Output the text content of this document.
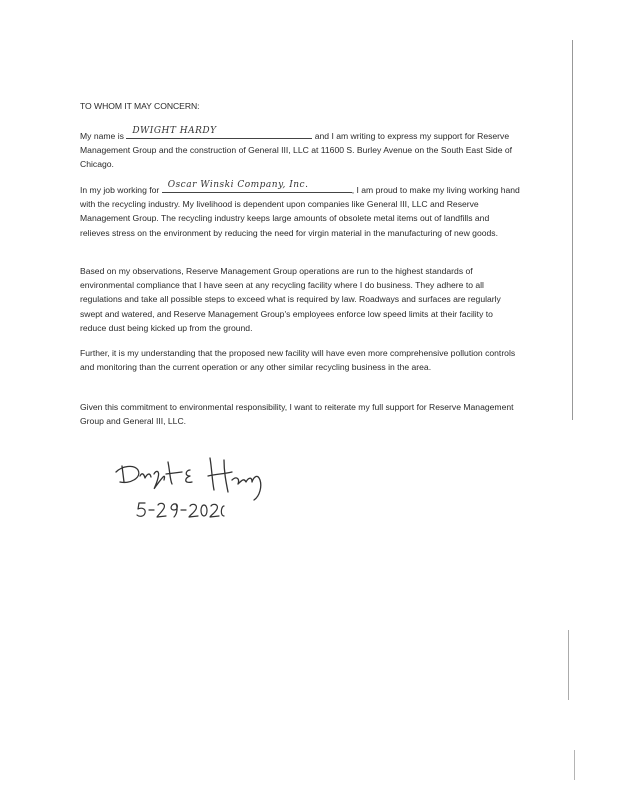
TO WHOM IT MAY CONCERN:
My name is
DWIGHT HARDY
and I am writing to express my support for Reserve Management Group and the construction of General III, LLC at 11600 S. Burley Avenue on the South East Side of Chicago.
In my job working for
Oscar Winski Company, Inc.
, I am proud to make my living working hand with the recycling industry. My livelihood is dependent upon companies like General III, LLC and Reserve Management Group. The recycling industry keeps large amounts of obsolete metal items out of landfills and relieves stress on the environment by reducing the need for virgin material in the manufacturing of new goods.
Based on my observations, Reserve Management Group operations are run to the highest standards of environmental compliance that I have seen at any recycling facility where I do business. They adhere to all regulations and take all possible steps to exceed what is required by law. Roadways and surfaces are regularly swept and watered, and Reserve Management Group's employees enforce low speed limits at their facility to reduce dust being kicked up from the ground.
Further, it is my understanding that the proposed new facility will have even more comprehensive pollution controls and monitoring than the current operation or any other similar recycling business in the area.
Given this commitment to environmental responsibility, I want to reiterate my full support for Reserve Management Group and General III, LLC.
